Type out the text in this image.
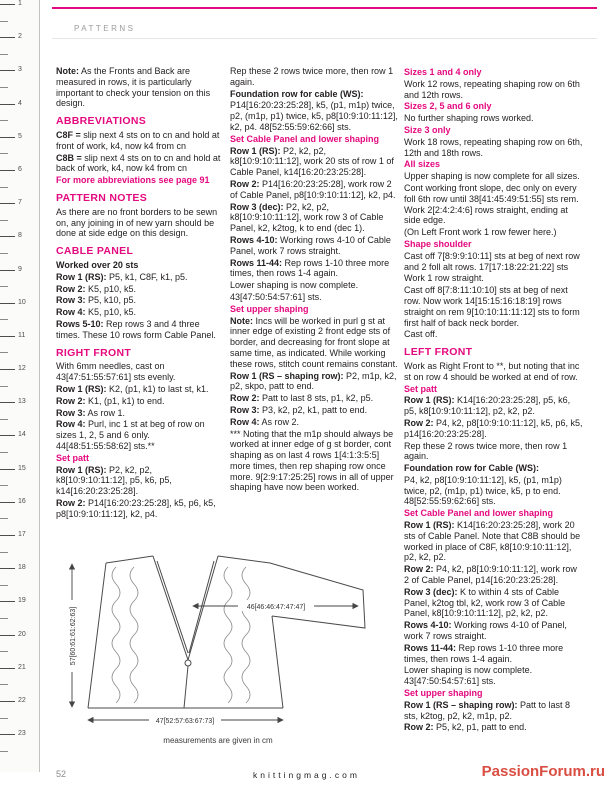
1
2
3
4
5
6
7
8
9
10
11
12
13
14
15
16
17
18
19
20
21
22
23
PATTERNS
Note: As the Fronts and Back are measured in rows, it is particularly important to check your tension on this design.
ABBREVIATIONS
C8F = slip next 4 sts on to cn and hold at front of work, k4, now k4 from cn
C8B = slip next 4 sts on to cn and hold at back of work, k4, now k4 from cn
For more abbreviations see page 91
PATTERN NOTES
As there are no front borders to be sewn on, any joining in of new yarn should be done at side edge on this design.
CABLE PANEL
Worked over 20 sts
Row 1 (RS): P5, k1, C8F, k1, p5.
Row 2: K5, p10, k5.
Row 3: P5, k10, p5.
Row 4: K5, p10, k5.
Rows 5-10: Rep rows 3 and 4 three times. These 10 rows form Cable Panel.
RIGHT FRONT
With 6mm needles, cast on 43[47:51:55:57:61] sts evenly.
Row 1 (RS): K2, (p1, k1) to last st, k1.
Row 2: K1, (p1, k1) to end.
Row 3: As row 1.
Row 4: Purl, inc 1 st at beg of row on sizes 1, 2, 5 and 6 only. 44[48:51:55:58:62] sts.**
Set patt
Row 1 (RS): P2, k2, p2, k8[10:9:10:11:12], p5, k6, p5, k14[16:20:23:25:28].
Row 2: P14[16:20:23:25:28], k5, p6, k5, p8[10:9:10:11:12], k2, p4.
Rep these 2 rows twice more, then row 1 again.
Foundation row for cable (WS):
P14[16:20:23:25:28], k5, (p1, m1p) twice, p2, (m1p, p1) twice, k5, p8[10:9:10:11:12], k2, p4. 48[52:55:59:62:66] sts.
Set Cable Panel and lower shaping
Row 1 (RS): P2, k2, p2, k8[10:9:10:11:12], work 20 sts of row 1 of Cable Panel, k14[16:20:23:25:28].
Row 2: P14[16:20:23:25:28], work row 2 of Cable Panel, p8[10:9:10:11:12], k2, p4.
Row 3 (dec): P2, k2, p2, k8[10:9:10:11:12], work row 3 of Cable Panel, k2, k2tog, k to end (dec 1).
Rows 4-10: Working rows 4-10 of Cable Panel, work 7 rows straight.
Rows 11-44: Rep rows 1-10 three more times, then rows 1-4 again.
Lower shaping is now complete.
43[47:50:54:57:61] sts.
Set upper shaping
Note: Incs will be worked in purl g st at inner edge of existing 2 front edge sts of border, and decreasing for front slope at same time, as indicated. While working these rows, stitch count remains constant.
Row 1 (RS – shaping row): P2, m1p, k2, p2, skpo, patt to end.
Row 2: Patt to last 8 sts, p1, k2, p5.
Row 3: P3, k2, p2, k1, patt to end.
Row 4: As row 2.
*** Noting that the m1p should always be worked at inner edge of g st border, cont shaping as on last 4 rows 1[4:1:3:5:5] more times, then rep shaping row once more. 9[2:9:17:25:25] rows in all of upper shaping have now been worked.
Sizes 1 and 4 only
Work 12 rows, repeating shaping row on 6th and 12th rows.
Sizes 2, 5 and 6 only
No further shaping rows worked.
Size 3 only
Work 18 rows, repeating shaping row on 6th, 12th and 18th rows.
All sizes
Upper shaping is now complete for all sizes.
Cont working front slope, dec only on every foll 6th row until 38[41:45:49:51:55] sts rem. Work 2[2:4:2:4:6] rows straight, ending at side edge.
(On Left Front work 1 row fewer here.)
Shape shoulder
Cast off 7[8:9:9:10:11] sts at beg of next row and 2 foll alt rows. 17[17:18:22:21:22] sts
Work 1 row straight.
Cast off 8[7:8:11:10:10] sts at beg of next row. Now work 14[15:15:16:18:19] rows straight on rem 9[10:10:11:11:12] sts to form first half of back neck border.
Cast off.
LEFT FRONT
Work as Right Front to **, but noting that inc st on row 4 should be worked at end of row.
Set patt
Row 1 (RS): K14[16:20:23:25:28], p5, k6, p5, k8[10:9:10:11:12], p2, k2, p2.
Row 2: P4, k2, p8[10:9:10:11:12], k5, p6, k5, p14[16:20:23:25:28].
Rep these 2 rows twice more, then row 1 again.
Foundation row for Cable (WS):
P4, k2, p8[10:9:10:11:12], k5, (p1, m1p) twice, p2, (m1p, p1) twice, k5, p to end. 48[52:55:59:62:66] sts.
Set Cable Panel and lower shaping
Row 1 (RS): K14[16:20:23:25:28], work 20 sts of Cable Panel. Note that C8B should be worked in place of C8F, k8[10:9:10:11:12], p2, k2, p2.
Row 2: P4, k2, p8[10:9:10:11:12], work row 2 of Cable Panel, p14[16:20:23:25:28].
Row 3 (dec): K to within 4 sts of Cable Panel, k2tog tbl, k2, work row 3 of Cable Panel, k8[10:9:10:11:12], p2, k2, p2.
Rows 4-10: Working rows 4-10 of Panel, work 7 rows straight.
Rows 11-44: Rep rows 1-10 three more times, then rows 1-4 again.
Lower shaping is now complete. 43[47:50:54:57:61] sts.
Set upper shaping
Row 1 (RS – shaping row): Patt to last 8 sts, k2tog, p2, k2, m1p, p2.
Row 2: P5, k2, p1, patt to end.
57[60:61:61:62:63]	46[46:46:47:47:47]
47[52:57:63:67:73]
measurements are given in cm
52	knittingmag.com	PassionForum.ru
